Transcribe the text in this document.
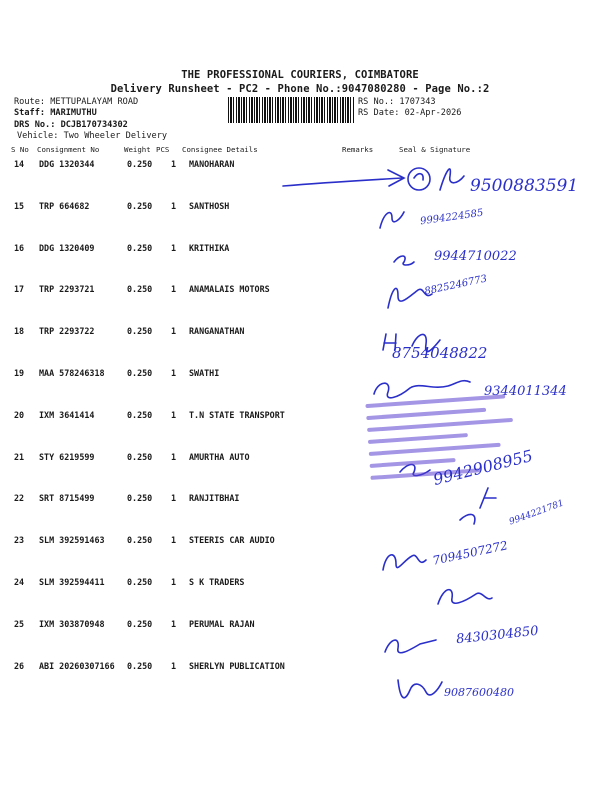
THE PROFESSIONAL COURIERS, COIMBATORE
Delivery Runsheet - PC2 - Phone No.:9047080280 - Page No.:2
Route: METTUPALAYAM ROAD
Staff: MARIMUTHU
DRS No.: DCJB170734302
Vehicle: Two Wheeler Delivery
RS No.: 1707343
RS Date: 02-Apr-2026
S No Consignment No	Weight PCS Consignee Details	Remarks	Seal & Signature
14 DDG 1320344	0.250 1 MANOHARAN
15 TRP 664682	0.250 1 SANTHOSH
16 DDG 1320409	0.250 1 KRITHIKA
17 TRP 2293721	0.250 1 ANAMALAIS MOTORS
18 TRP 2293722	0.250 1 RANGANATHAN
19 MAA 578246318	0.250 1 SWATHI
20 IXM 3641414	0.250 1 T.N STATE TRANSPORT
21 STY 6219599	0.250 1 AMURTHA AUTO
22 SRT 8715499	0.250 1 RANJITBHAI
23 SLM 392591463	0.250 1 STEERIS CAR AUDIO
24 SLM 392594411	0.250 1 S K TRADERS
25 IXM 303870948	0.250 1 PERUMAL RAJAN
26 ABI 20260307166 0.250 1 SHERLYN PUBLICATION
9500883591
9994224585
9944710022
8825246773
8754048822
9344011344
9942908955
9944221781
7094507272
8430304850
9087600480
